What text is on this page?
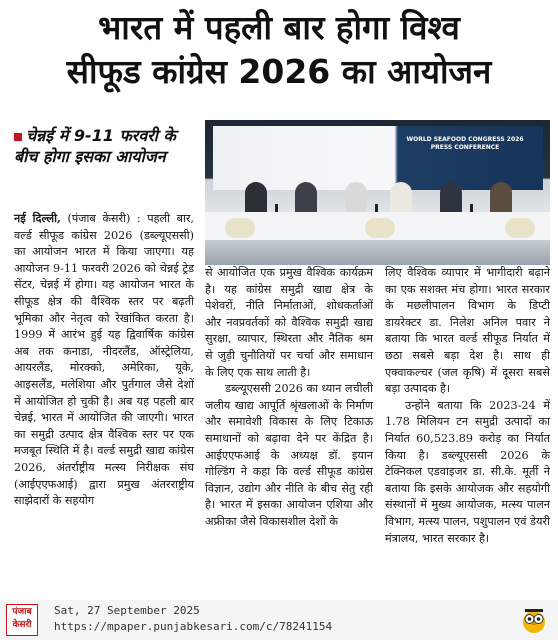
भारत में पहली बार होगा विश्व
सीफूड कांग्रेस 2026 का आयोजन
चेन्नई में 9-11 फरवरी के बीच होगा इसका आयोजन
WORLD SEAFOOD CONGRESS 2026 PRESS CONFERENCE

नई दिल्ली, (पंजाब केसरी) : पहली बार, वर्ल्ड सीफूड कांग्रेस 2026 (डब्ल्यूएससी) का आयोजन भारत में किया जाएगा। यह आयोजन 9-11 फरवरी 2026 को चेन्नई ट्रेड सेंटर, चेन्नई में होगा। यह आयोजन भारत के सीफूड क्षेत्र की वैश्विक स्तर पर बढ़ती भूमिका और नेतृत्व को रेखांकित करता है। 1999 में आरंभ हुई यह द्विवार्षिक कांग्रेस अब तक कनाडा, नीदरलैंड, ऑस्ट्रेलिया, आयरलैंड, मोरक्को, अमेरिका, यूके, आइसलैंड, मलेशिया और पुर्तगाल जैसे देशों में आयोजित हो चुकी है। अब यह पहली बार चेन्नई, भारत में आयोजित की जाएगी। भारत का समुद्री उत्पाद क्षेत्र वैश्विक स्तर पर एक मजबूत स्थिति में है। वर्ल्ड समुद्री खाद्य कांग्रेस 2026, अंतर्राष्ट्रीय मत्स्य निरीक्षक संघ (आईएएफआई) द्वारा प्रमुख अंतरराष्ट्रीय साझेदारों के सहयोग

से आयोजित एक प्रमुख वैश्विक कार्यक्रम है। यह कांग्रेस समुद्री खाद्य क्षेत्र के पेशेवरों, नीति निर्माताओं, शोधकर्ताओं और नवप्रवर्तकों को वैश्विक समुद्री खाद्य सुरक्षा, व्यापार, स्थिरता और नैतिक श्रम से जुड़ी चुनौतियों पर चर्चा और समाधान के लिए एक साथ लाती है।

डब्ल्यूएससी 2026 का ध्यान लचीली जलीय खाद्य आपूर्ति श्रृंखलाओं के निर्माण और समावेशी विकास के लिए टिकाऊ समाधानों को बढ़ावा देने पर केंद्रित है। आईएएफआई के अध्यक्ष डॉ. इयान गोल्डिंग ने कहा कि वर्ल्ड सीफूड कांग्रेस विज्ञान, उद्योग और नीति के बीच सेतु रही है। भारत में इसका आयोजन एशिया और अफ्रीका जैसे विकासशील देशों के

लिए वैश्विक व्यापार में भागीदारी बढ़ाने का एक सशक्त मंच होगा। भारत सरकार के मछलीपालन विभाग के डिप्टी डायरेक्टर डा. निलेश अनिल पवार ने बताया कि भारत वर्ल्ड सीफूड निर्यात में छठा सबसे बड़ा देश है। साथ ही एक्वाकल्चर (जल कृषि) में दूसरा सबसे बड़ा उत्पादक है।

उन्होंने बताया कि 2023-24 में 1.78 मिलियन टन समुद्री उत्पादों का निर्यात 60,523.89 करोड़ का निर्यात किया है। डब्ल्यूएससी 2026 के टेक्निकल एडवाइजर डा. सी.के. मूर्ती ने बताया कि इसके आयोजक और सहयोगी संस्थानों में मुख्य आयोजक, मत्स्य पालन विभाग, मत्स्य पालन, पशुपालन एवं डेयरी मंत्रालय, भारत सरकार है।

पंजाब केसरी
Sat, 27 September 2025
https://mpaper.punjabkesari.com/c/78241154
